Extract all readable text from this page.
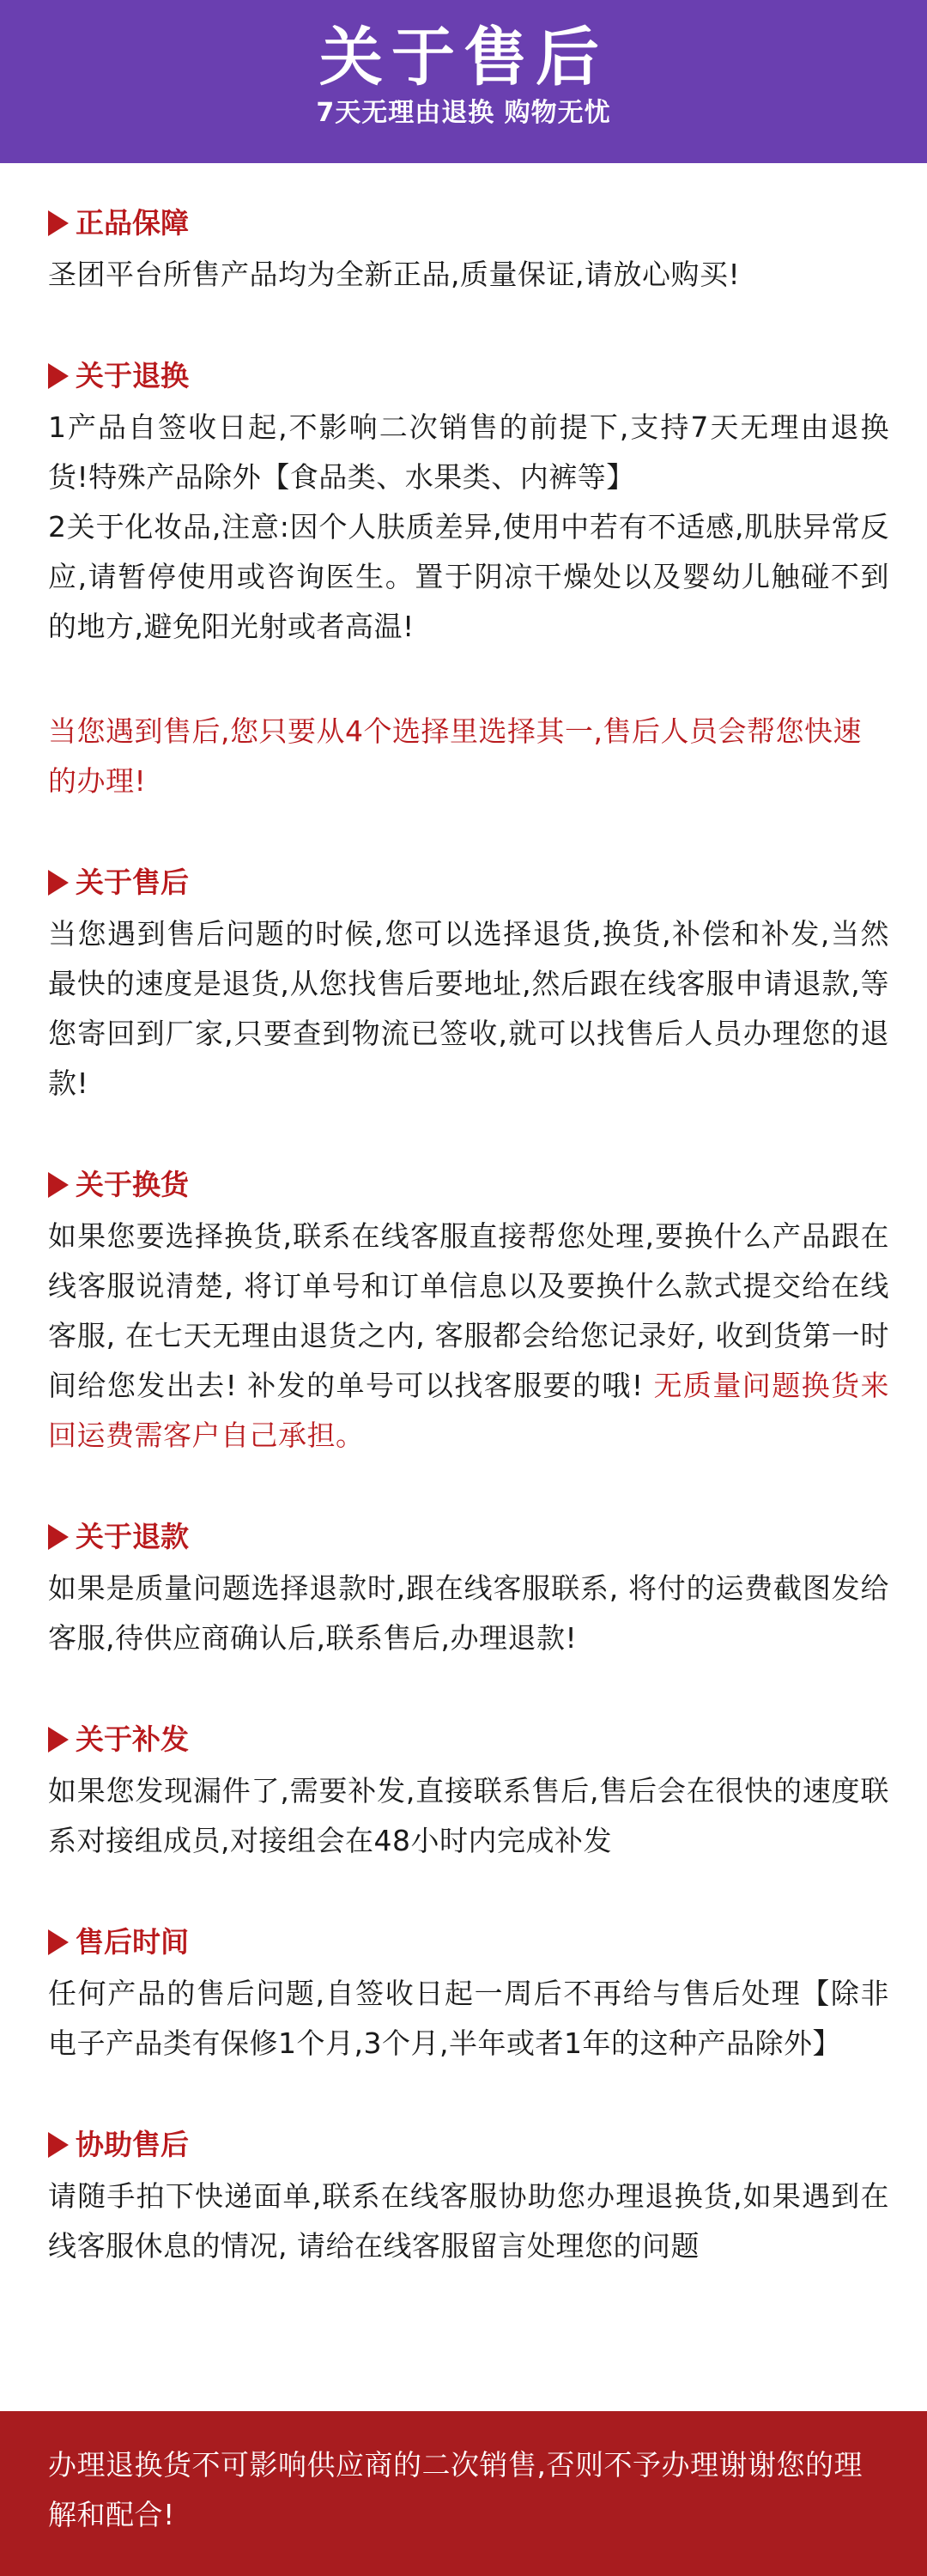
关于售后
7天无理由退换 购物无忧
正品保障
圣团平台所售产品均为全新正品,质量保证,请放心购买!
关于退换
1产品自签收日起,不影响二次销售的前提下,支持7天无理由退换货!特殊产品除外【食品类、水果类、内裤等】
2关于化妆品,注意:因个人肤质差异,使用中若有不适感,肌肤异常反应,请暂停使用或咨询医生。置于阴凉干燥处以及婴幼儿触碰不到的地方,避免阳光射或者高温!
当您遇到售后,您只要从4个选择里选择其一,售后人员会帮您快速的办理!
关于售后
当您遇到售后问题的时候,您可以选择退货,换货,补偿和补发,当然最快的速度是退货,从您找售后要地址,然后跟在线客服申请退款,等您寄回到厂家,只要查到物流已签收,就可以找售后人员办理您的退款!
关于换货
如果您要选择换货,联系在线客服直接帮您处理,要换什么产品跟在线客服说清楚, 将订单号和订单信息以及要换什么款式提交给在线客服, 在七天无理由退货之内, 客服都会给您记录好, 收到货第一时间给您发出去! 补发的单号可以找客服要的哦! 无质量问题换货来回运费需客户自己承担。
关于退款
如果是质量问题选择退款时,跟在线客服联系, 将付的运费截图发给客服,待供应商确认后,联系售后,办理退款!
关于补发
如果您发现漏件了,需要补发,直接联系售后,售后会在很快的速度联系对接组成员,对接组会在48小时内完成补发
售后时间
任何产品的售后问题,自签收日起一周后不再给与售后处理【除非电子产品类有保修1个月,3个月,半年或者1年的这种产品除外】
协助售后
请随手拍下快递面单,联系在线客服协助您办理退换货,如果遇到在线客服休息的情况, 请给在线客服留言处理您的问题
办理退换货不可影响供应商的二次销售,否则不予办理谢谢您的理解和配合!
